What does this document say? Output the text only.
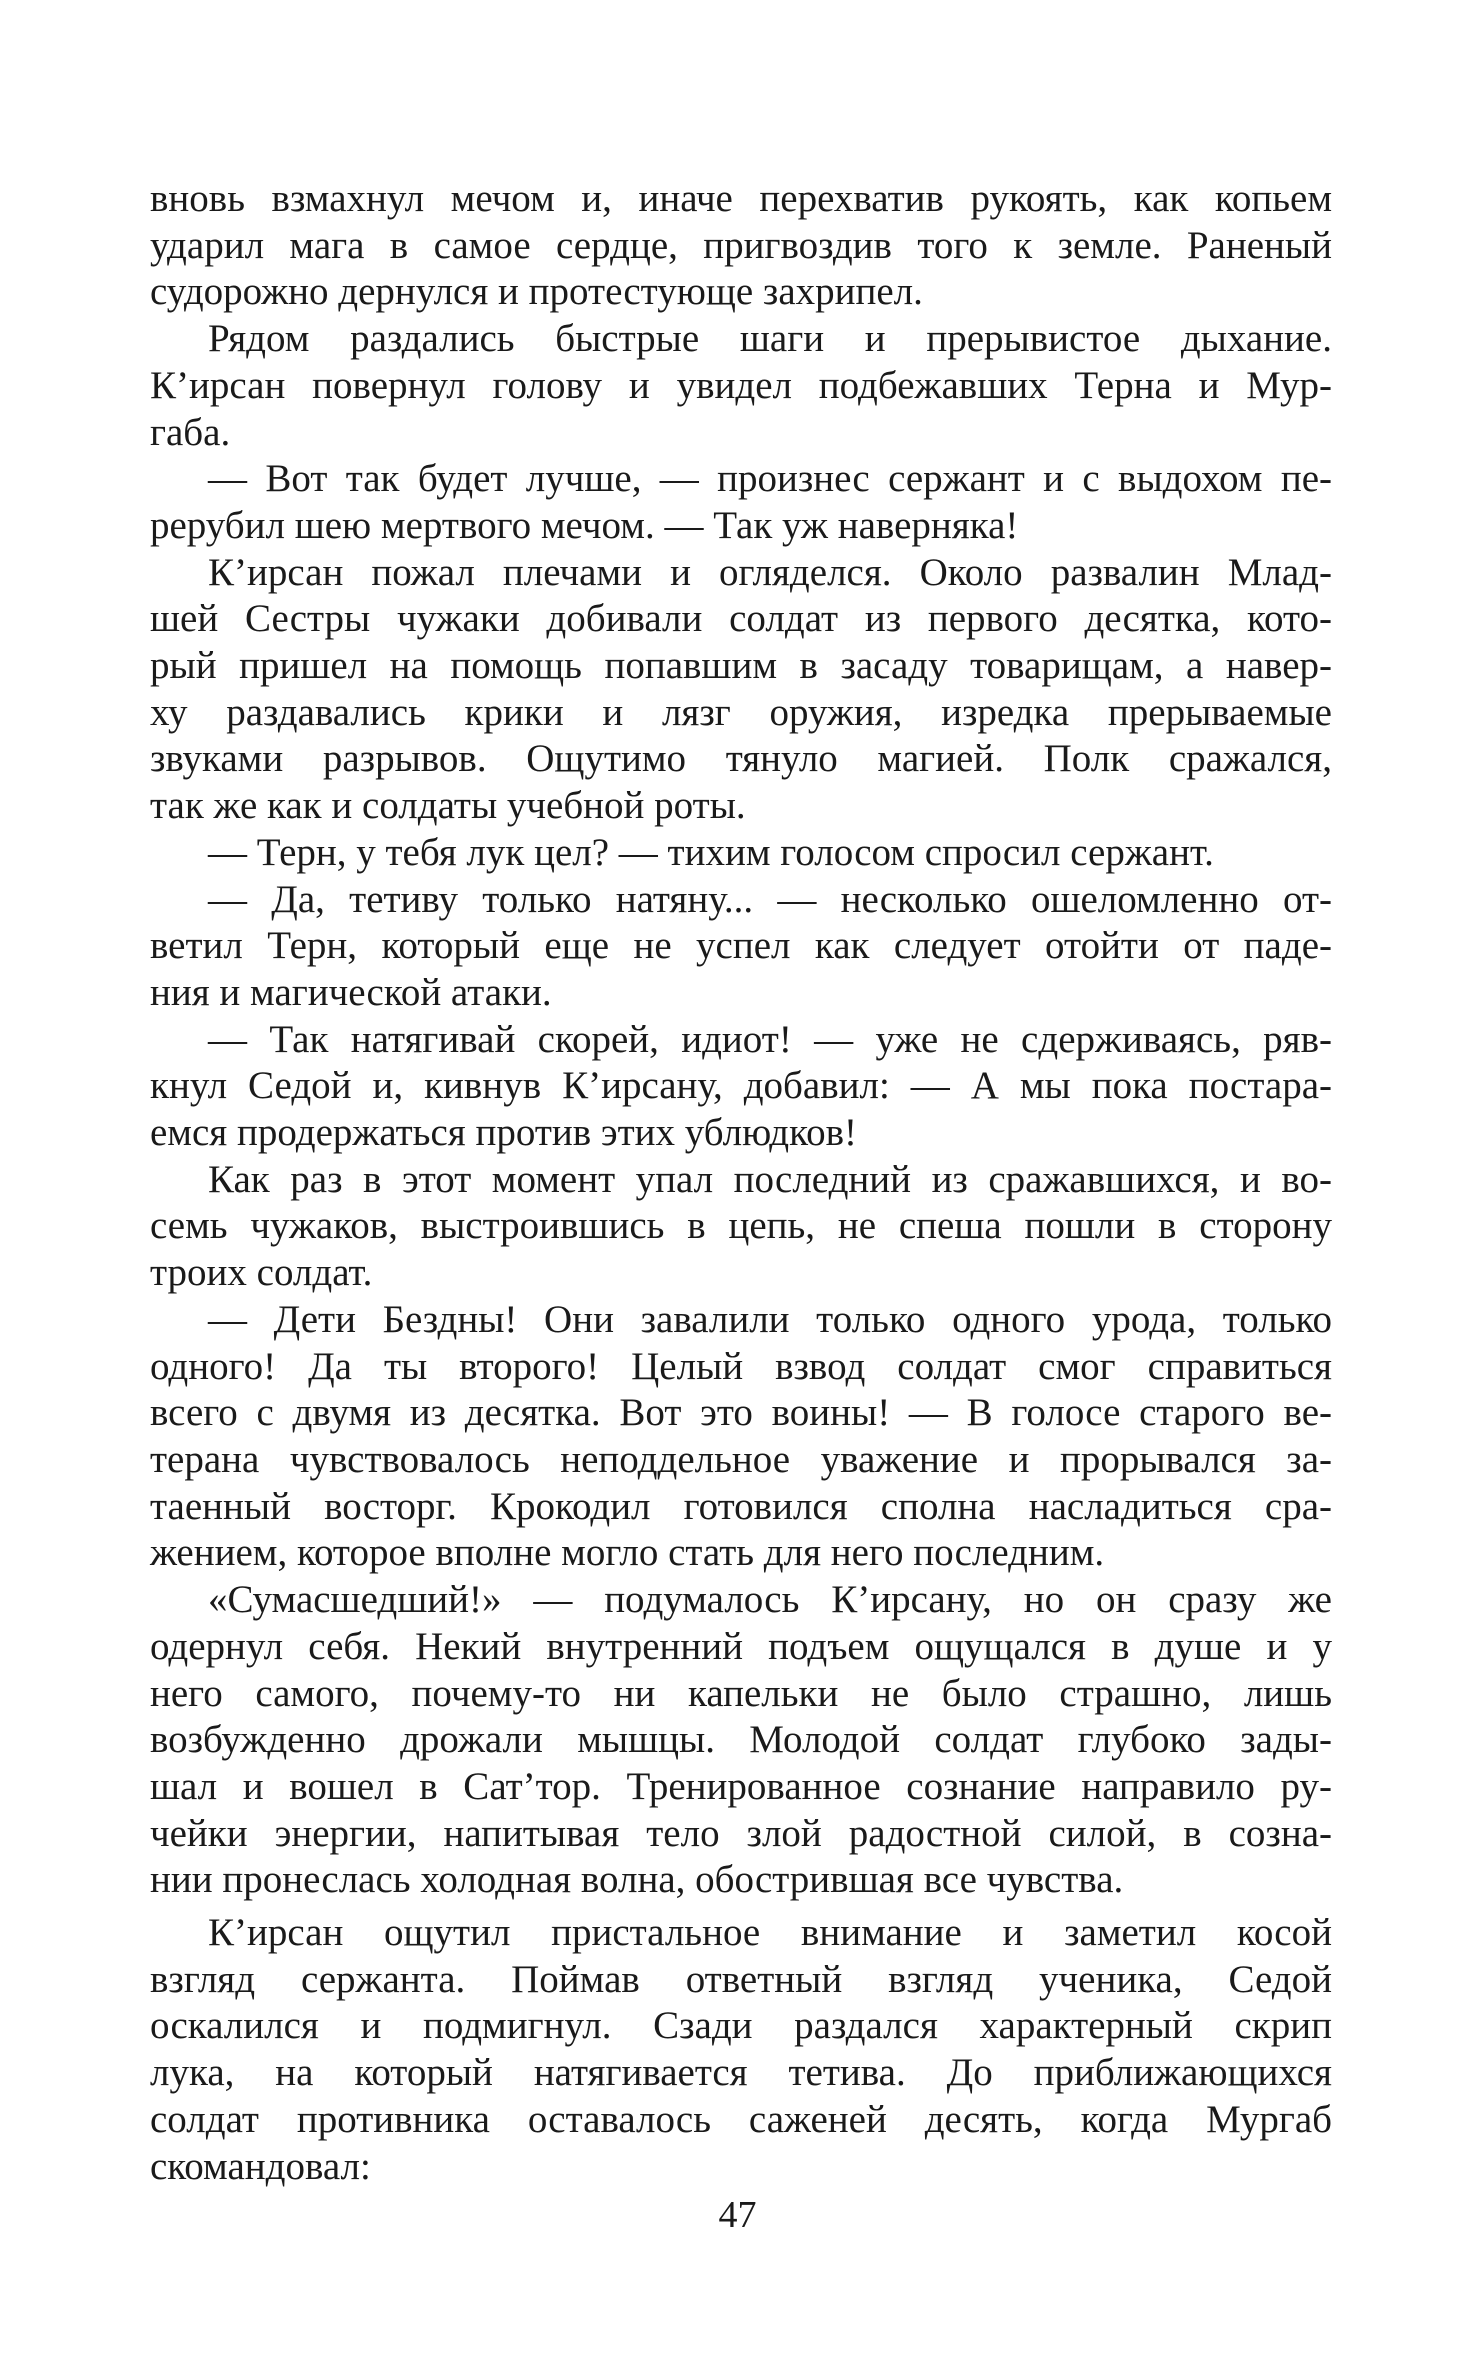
вновь взмахнул мечом и, иначе перехватив рукоять, как копьем
ударил мага в самое сердце, пригвоздив того к земле. Раненый
судорожно дернулся и протестующе захрипел.
Рядом раздались быстрые шаги и прерывистое дыхание.
К’ирсан повернул голову и увидел подбежавших Терна и Мур-
габа.
— Вот так будет лучше, — произнес сержант и с выдохом пе-
рерубил шею мертвого мечом. — Так уж наверняка!
К’ирсан пожал плечами и огляделся. Около развалин Млад-
шей Сестры чужаки добивали солдат из первого десятка, кото-
рый пришел на помощь попавшим в засаду товарищам, а навер-
ху раздавались крики и лязг оружия, изредка прерываемые
звуками разрывов. Ощутимо тянуло магией. Полк сражался,
так же как и солдаты учебной роты.
— Терн, у тебя лук цел? — тихим голосом спросил сержант.
— Да, тетиву только натяну... — несколько ошеломленно от-
ветил Терн, который еще не успел как следует отойти от паде-
ния и магической атаки.
— Так натягивай скорей, идиот! — уже не сдерживаясь, ряв-
кнул Седой и, кивнув К’ирсану, добавил: — А мы пока постара-
емся продержаться против этих ублюдков!
Как раз в этот момент упал последний из сражавшихся, и во-
семь чужаков, выстроившись в цепь, не спеша пошли в сторону
троих солдат.
— Дети Бездны! Они завалили только одного урода, только
одного! Да ты второго! Целый взвод солдат смог справиться
всего с двумя из десятка. Вот это воины! — В голосе старого ве-
терана чувствовалось неподдельное уважение и прорывался за-
таенный восторг. Крокодил готовился сполна насладиться сра-
жением, которое вполне могло стать для него последним.
«Сумасшедший!» — подумалось К’ирсану, но он сразу же
одернул себя. Некий внутренний подъем ощущался в душе и у
него самого, почему-то ни капельки не было страшно, лишь
возбужденно дрожали мышцы. Молодой солдат глубоко зады-
шал и вошел в Сат’тор. Тренированное сознание направило ру-
чейки энергии, напитывая тело злой радостной силой, в созна-
нии пронеслась холодная волна, обострившая все чувства.
К’ирсан ощутил пристальное внимание и заметил косой
взгляд сержанта. Поймав ответный взгляд ученика, Седой
оскалился и подмигнул. Сзади раздался характерный скрип
лука, на который натягивается тетива. До приближающихся
солдат противника оставалось саженей десять, когда Мургаб
скомандовал:
47
